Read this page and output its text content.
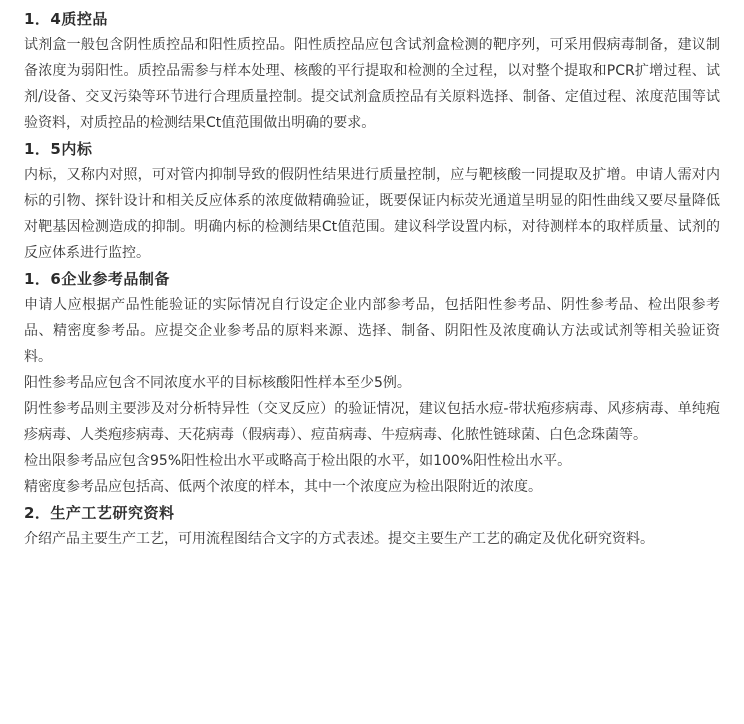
1．4质控品

试剂盒一般包含阴性质控品和阳性质控品。阳性质控品应包含试剂盒检测的靶序列，可采用假病毒制备，建议制备浓度为弱阳性。质控品需参与样本处理、核酸的平行提取和检测的全过程，以对整个提取和PCR扩增过程、试剂/设备、交叉污染等环节进行合理质量控制。提交试剂盒质控品有关原料选择、制备、定值过程、浓度范围等试验资料，对质控品的检测结果Ct值范围做出明确的要求。

1．5内标

内标，又称内对照，可对管内抑制导致的假阴性结果进行质量控制，应与靶核酸一同提取及扩增。申请人需对内标的引物、探针设计和相关反应体系的浓度做精确验证，既要保证内标荧光通道呈明显的阳性曲线又要尽量降低对靶基因检测造成的抑制。明确内标的检测结果Ct值范围。建议科学设置内标，对待测样本的取样质量、试剂的反应体系进行监控。

1．6企业参考品制备

申请人应根据产品性能验证的实际情况自行设定企业内部参考品，包括阳性参考品、阴性参考品、检出限参考品、精密度参考品。应提交企业参考品的原料来源、选择、制备、阴阳性及浓度确认方法或试剂等相关验证资料。

阳性参考品应包含不同浓度水平的目标核酸阳性样本至少5例。

阴性参考品则主要涉及对分析特异性（交叉反应）的验证情况，建议包括水痘-带状疱疹病毒、风疹病毒、单纯疱疹病毒、人类疱疹病毒、天花病毒（假病毒）、痘苗病毒、牛痘病毒、化脓性链球菌、白色念珠菌等。

检出限参考品应包含95%阳性检出水平或略高于检出限的水平，如100%阳性检出水平。

精密度参考品应包括高、低两个浓度的样本，其中一个浓度应为检出限附近的浓度。

2．生产工艺研究资料

介绍产品主要生产工艺，可用流程图结合文字的方式表述。提交主要生产工艺的确定及优化研究资料。
